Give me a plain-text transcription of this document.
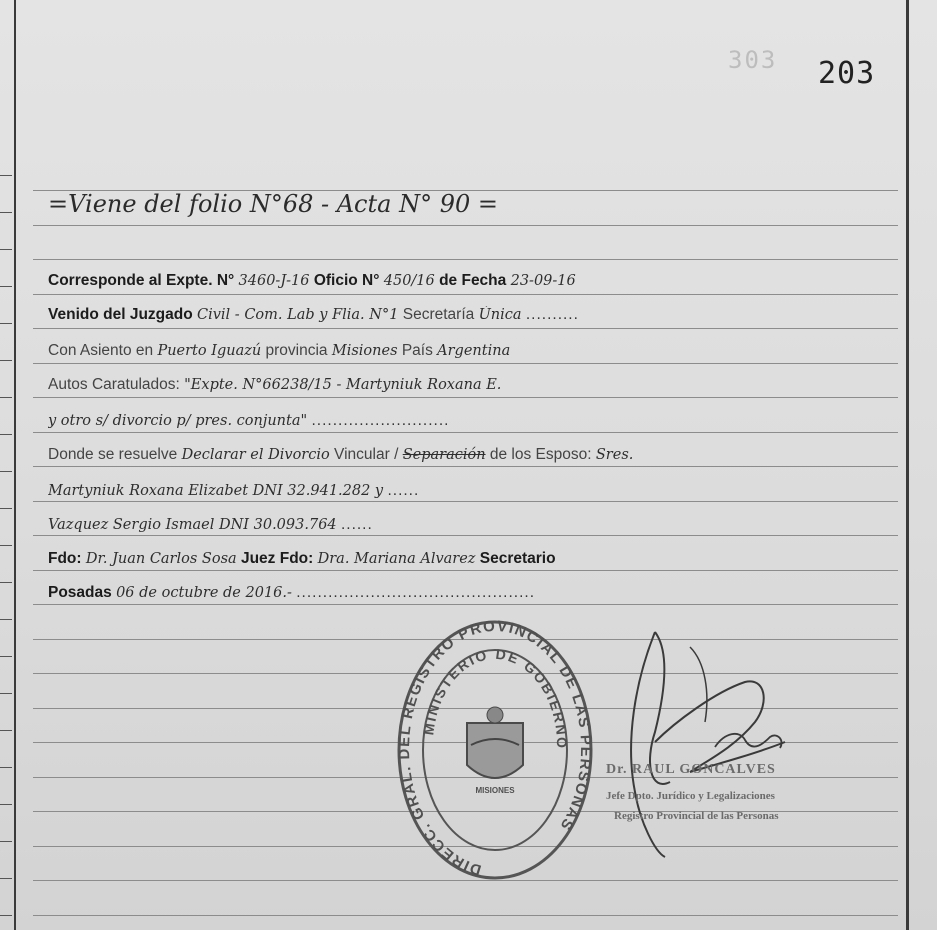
303 203
=Viene del folio N°68 - Acta N° 90 =
Corresponde al Expte. N° 3460-J-16 Oficio N° 450/16 de Fecha 23-09-16
Venido del Juzgado Civil - Com. Lab y Flia. N°1 Secretaría Única ..........
Con Asiento en Puerto Iguazú provincia Misiones País Argentina
Autos Caratulados: "Expte. N°66238/15 - Martyniuk Roxana E.
y otro s/ divorcio p/ pres. conjunta" ..........................
Donde se resuelve Declarar el Divorcio Vincular / Separación de los Esposo: Sres.
Martyniuk Roxana Elizabet DNI 32.941.282 y ......
Vazquez Sergio Ismael DNI 30.093.764 ......
Fdo: Dr. Juan Carlos Sosa Juez Fdo: Dra. Mariana Alvarez Secretario
Posadas 06 de octubre de 2016.- .............................................
DIRECC. GRAL. DEL REGISTRO PROVINCIAL DE LAS PERSONAS
MINISTERIO DE GOBIERNO
MISIONES
Dr. RAUL GONCALVES
Jefe Dpto. Jurídico y Legalizaciones
Registro Provincial de las Personas
